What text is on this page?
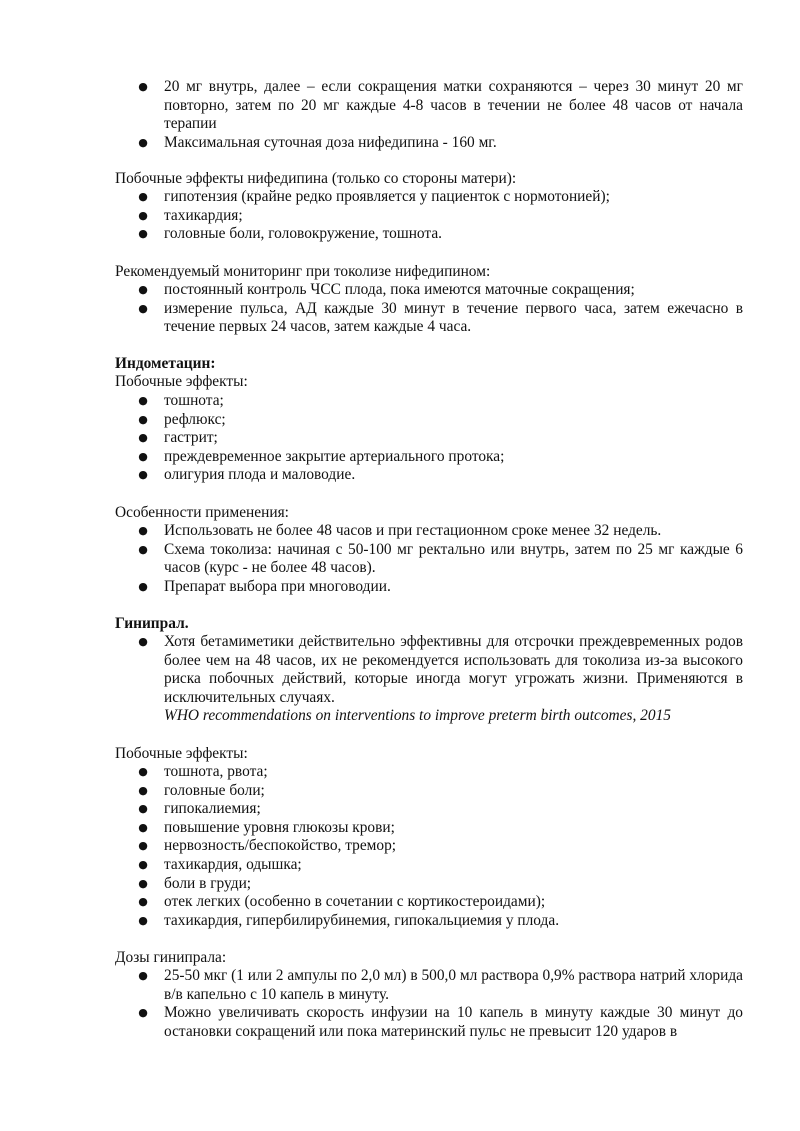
● 20 мг внутрь, далее – если сокращения матки сохраняются – через 30 минут 20 мг повторно, затем по 20 мг каждые 4-8 часов в течении не более 48 часов от начала терапии
● Максимальная суточная доза нифедипина - 160 мг.

Побочные эффекты нифедипина (только со стороны матери):

● гипотензия (крайне редко проявляется у пациенток с нормотонией);
● тахикардия;
● головные боли, головокружение, тошнота.

Рекомендуемый мониторинг при токолизе нифедипином:

● постоянный контроль ЧСС плода, пока имеются маточные сокращения;
● измерение пульса, АД каждые 30 минут в течение первого часа, затем ежечасно в течение первых 24 часов, затем каждые 4 часа.

Индометацин:

Побочные эффекты:

● тошнота;
● рефлюкс;
● гастрит;
● преждевременное закрытие артериального протока;
● олигурия плода и маловодие.

Особенности применения:

● Использовать не более 48 часов и при гестационном сроке менее 32 недель.
● Схема токолиза: начиная с 50-100 мг ректально или внутрь, затем по 25 мг каждые 6 часов (курс - не более 48 часов).
● Препарат выбора при многоводии.

Гинипрал.

● Хотя бетамиметики действительно эффективны для отсрочки преждевременных родов более чем на 48 часов, их не рекомендуется использовать для токолиза из-за высокого риска побочных действий, которые иногда могут угрожать жизни. Применяются в исключительных случаях.
WHO recommendations on interventions to improve preterm birth outcomes, 2015

Побочные эффекты:

● тошнота, рвота;
● головные боли;
● гипокалиемия;
● повышение уровня глюкозы крови;
● нервозность/беспокойство, тремор;
● тахикардия, одышка;
● боли в груди;
● отек легких (особенно в сочетании с кортикостероидами);
● тахикардия, гипербилирубинемия, гипокальциемия у плода.

Дозы гинипрала:

● 25-50 мкг (1 или 2 ампулы по 2,0 мл) в 500,0 мл раствора 0,9% раствора натрий хлорида в/в капельно с 10 капель в минуту.
● Можно увеличивать скорость инфузии на 10 капель в минуту каждые 30 минут до остановки сокращений или пока материнский пульс не превысит 120 ударов в
